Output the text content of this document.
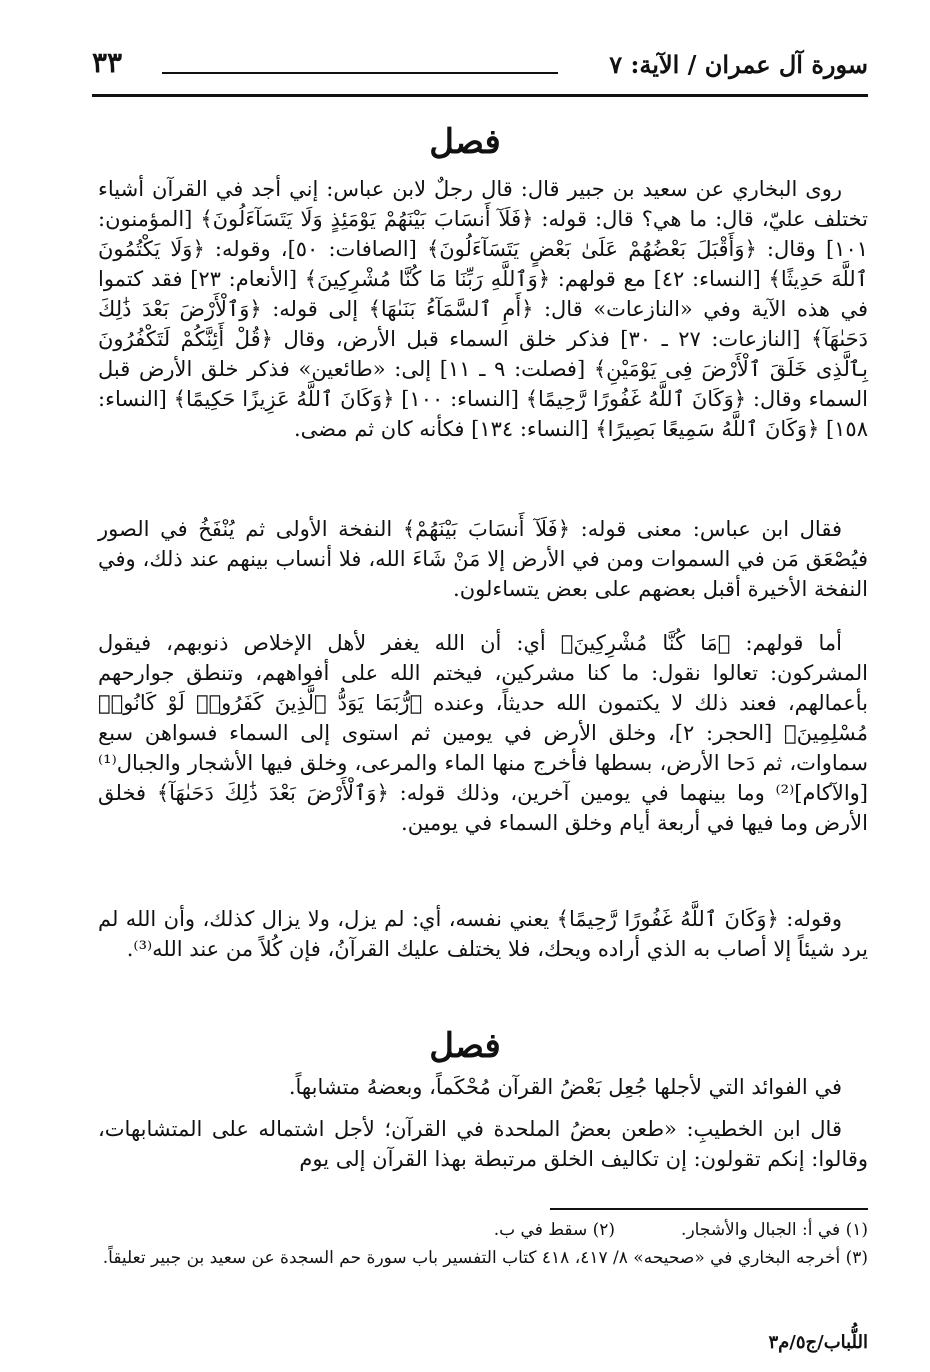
سورة آل عمران / الآية: ٧
٣٣
فصل

روى البخاري عن سعيد بن جبير قال: قال رجلٌ لابن عباس: إني أجد في القرآن أشياء تختلف عليّ، قال: ما هي؟ قال: قوله: ﴿فَلَآ أَنسَابَ بَيْنَهُمْ يَوْمَئِذٍ وَلَا يَتَسَآءَلُونَ﴾ [المؤمنون: ١٠١] وقال: ﴿وَأَقْبَلَ بَعْضُهُمْ عَلَىٰ بَعْضٍ يَتَسَآءَلُونَ﴾ [الصافات: ٥٠]، وقوله: ﴿وَلَا يَكْتُمُونَ ٱللَّهَ حَدِيثًا﴾ [النساء: ٤٢] مع قولهم: ﴿وَٱللَّهِ رَبِّنَا مَا كُنَّا مُشْرِكِينَ﴾ [الأنعام: ٢٣] فقد كتموا في هذه الآية وفي «النازعات» قال: ﴿أَمِ ٱلسَّمَآءُ بَنَىٰهَا﴾ إلى قوله: ﴿وَٱلْأَرْضَ بَعْدَ ذَٰلِكَ دَحَىٰهَآ﴾ [النازعات: ٢٧ ـ ٣٠] فذكر خلق السماء قبل الأرض، وقال ﴿قُلْ أَئِنَّكُمْ لَتَكْفُرُونَ بِٱلَّذِى خَلَقَ ٱلْأَرْضَ فِى يَوْمَيْنِ﴾ [فصلت: ٩ ـ ١١] إلى: «طائعين» فذكر خلق الأرض قبل السماء وقال: ﴿وَكَانَ ٱللَّهُ غَفُورًا رَّحِيمًا﴾ [النساء: ١٠٠] ﴿وَكَانَ ٱللَّهُ عَزِيزًا حَكِيمًا﴾ [النساء: ١٥٨] ﴿وَكَانَ ٱللَّهُ سَمِيعًا بَصِيرًا﴾ [النساء: ١٣٤] فكأنه كان ثم مضى.

فقال ابن عباس: معنى قوله: ﴿فَلَآ أَنسَابَ بَيْنَهُمْ﴾ النفخة الأولى ثم يُنْفَخُ في الصور فيُصْعَق مَن في السموات ومن في الأرض إلا مَنْ شَاءَ الله، فلا أنساب بينهم عند ذلك، وفي النفخة الأخيرة أقبل بعضهم على بعض يتساءلون.

أما قولهم: ﴿مَا كُنَّا مُشْرِكِينَ﴾ أي: أن الله يغفر لأهل الإخلاص ذنوبهم، فيقول المشركون: تعالوا نقول: ما كنا مشركين، فيختم الله على أفواههم، وتنطق جوارحهم بأعمالهم، فعند ذلك لا يكتمون الله حديثاً، وعنده ﴿رُّبَمَا يَوَدُّ ٱلَّذِينَ كَفَرُوا۟ لَوْ كَانُوا۟ مُسْلِمِينَ﴾ [الحجر: ٢]، وخلق الأرض في يومين ثم استوى إلى السماء فسواهن سبع سماوات، ثم دَحا الأرض، بسطها فأخرج منها الماء والمرعى، وخلق فيها الأشجار والجبال⁽¹⁾ [والآكام]⁽²⁾ وما بينهما في يومين آخرين، وذلك قوله: ﴿وَٱلْأَرْضَ بَعْدَ ذَٰلِكَ دَحَىٰهَآ﴾ فخلق الأرض وما فيها في أربعة أيام وخلق السماء في يومين.

وقوله: ﴿وَكَانَ ٱللَّهُ غَفُورًا رَّحِيمًا﴾ يعني نفسه، أي: لم يزل، ولا يزال كذلك، وأن الله لم يرد شيئاً إلا أصاب به الذي أراده ويحك، فلا يختلف عليك القرآنُ، فإن كُلاً من عند الله⁽³⁾.

فصل

في الفوائد التي لأجلها جُعِل بَعْضُ القرآن مُحْكَماً، وبعضهُ متشابهاً.

قال ابن الخطيبِ: «طعن بعضُ الملحدة في القرآن؛ لأجل اشتماله على المتشابهات، وقالوا: إنكم تقولون: إن تكاليف الخلق مرتبطة بهذا القرآن إلى يوم

(١) في أ: الجبال والأشجار.
(٢) سقط في ب.
(٣) أخرجه البخاري في «صحيحه» ٨/ ٤١٧، ٤١٨ كتاب التفسير باب سورة حم السجدة عن سعيد بن جبير تعليقاً.
اللُّباب/ج٥/م٣
